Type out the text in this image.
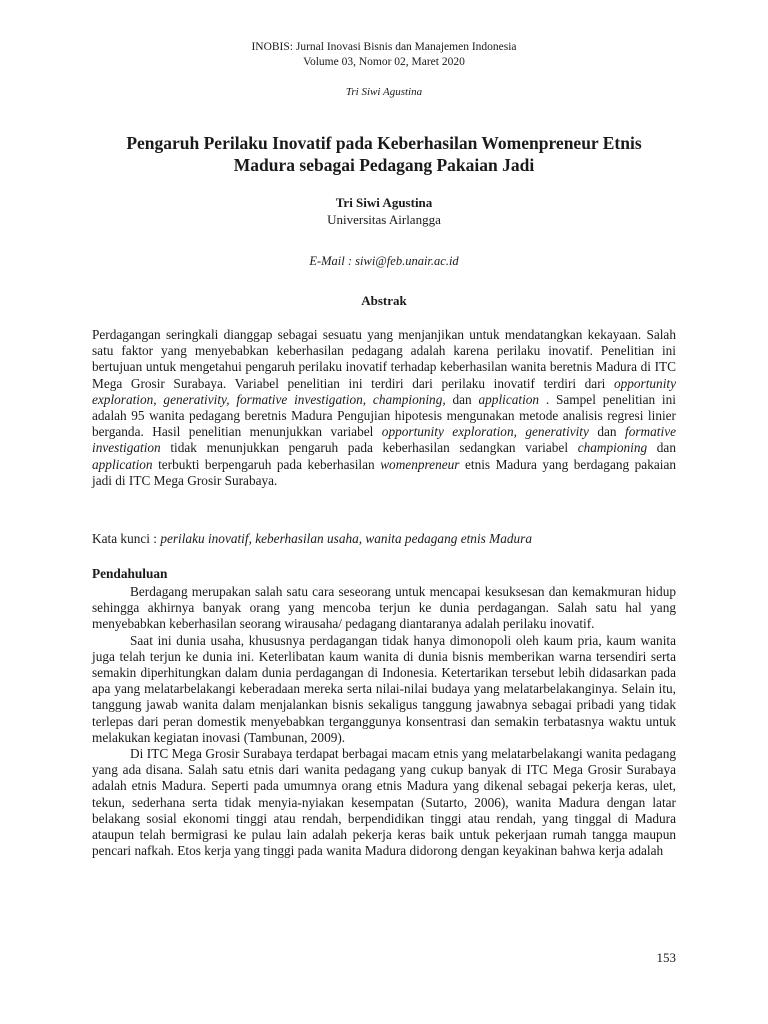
INOBIS: Jurnal Inovasi Bisnis dan Manajemen Indonesia
Volume 03, Nomor 02, Maret 2020
Tri Siwi Agustina
Pengaruh Perilaku Inovatif pada Keberhasilan Womenpreneur Etnis
Madura sebagai Pedagang Pakaian Jadi
Tri Siwi Agustina
Universitas Airlangga
E-Mail : siwi@feb.unair.ac.id
Abstrak
Perdagangan seringkali dianggap sebagai sesuatu yang menjanjikan untuk mendatangkan kekayaan. Salah satu faktor yang menyebabkan keberhasilan pedagang adalah karena perilaku inovatif. Penelitian ini bertujuan untuk mengetahui pengaruh perilaku inovatif terhadap keberhasilan wanita beretnis Madura di ITC Mega Grosir Surabaya. Variabel penelitian ini terdiri dari perilaku inovatif terdiri dari opportunity exploration, generativity, formative investigation, championing, dan application . Sampel penelitian ini adalah 95 wanita pedagang beretnis Madura Pengujian hipotesis mengunakan metode analisis regresi linier berganda. Hasil penelitian menunjukkan variabel opportunity exploration, generativity dan formative investigation tidak menunjukkan pengaruh pada keberhasilan sedangkan variabel championing dan application terbukti berpengaruh pada keberhasilan womenpreneur etnis Madura yang berdagang pakaian jadi di ITC Mega Grosir Surabaya.
Kata kunci : perilaku inovatif, keberhasilan usaha, wanita pedagang etnis Madura
Pendahuluan

Berdagang merupakan salah satu cara seseorang untuk mencapai kesuksesan dan kemakmuran hidup sehingga akhirnya banyak orang yang mencoba terjun ke dunia perdagangan. Salah satu hal yang menyebabkan keberhasilan seorang wirausaha/ pedagang diantaranya adalah perilaku inovatif.

Saat ini dunia usaha, khususnya perdagangan tidak hanya dimonopoli oleh kaum pria, kaum wanita juga telah terjun ke dunia ini. Keterlibatan kaum wanita di dunia bisnis memberikan warna tersendiri serta semakin diperhitungkan dalam dunia perdagangan di Indonesia. Ketertarikan tersebut lebih didasarkan pada apa yang melatarbelakangi keberadaan mereka serta nilai-nilai budaya yang melatarbelakanginya. Selain itu, tanggung jawab wanita dalam menjalankan bisnis sekaligus tanggung jawabnya sebagai pribadi yang tidak terlepas dari peran domestik menyebabkan terganggunya konsentrasi dan semakin terbatasnya waktu untuk melakukan kegiatan inovasi (Tambunan, 2009).

Di ITC Mega Grosir Surabaya terdapat berbagai macam etnis yang melatarbelakangi wanita pedagang yang ada disana. Salah satu etnis dari wanita pedagang yang cukup banyak di ITC Mega Grosir Surabaya adalah etnis Madura. Seperti pada umumnya orang etnis Madura yang dikenal sebagai pekerja keras, ulet, tekun, sederhana serta tidak menyia-nyiakan kesempatan (Sutarto, 2006), wanita Madura dengan latar belakang sosial ekonomi tinggi atau rendah, berpendidikan tinggi atau rendah, yang tinggal di Madura ataupun telah bermigrasi ke pulau lain adalah pekerja keras baik untuk pekerjaan rumah tangga maupun pencari nafkah. Etos kerja yang tinggi pada wanita Madura didorong dengan keyakinan bahwa kerja adalah

153
